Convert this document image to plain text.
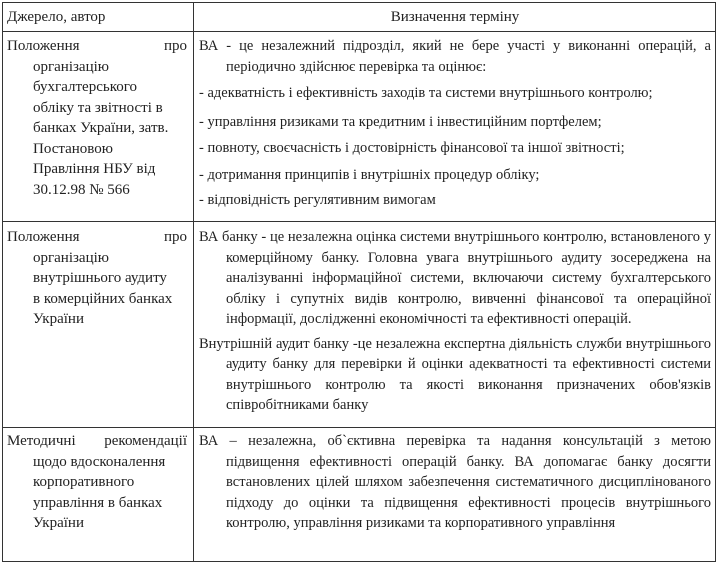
Джерело, автор	Визначення терміну
Положення про
організацію
бухгалтерського
обліку та звітності в
банках України, затв.
Постановою
Правління НБУ від
30.12.98 № 566

ВА - це незалежний підрозділ, який не бере участі у виконанні операцій, а періодично здійснює перевірка та оцінює:

- адекватність і ефективність заходів та системи внутрішнього контролю;

- управління ризиками та кредитним і інвестиційним портфелем;

- повноту, своєчасність і достовірність фінансової та іншої звітності;

- дотримання принципів і внутрішніх процедур обліку;

- відповідність регулятивним вимогам

Положення про
організацію
внутрішнього аудиту
в комерційних банках
України

ВА банку - це незалежна оцінка системи внутрішнього контролю, встановленого у комерційному банку. Головна увага внутрішнього аудиту зосереджена на аналізуванні інформаційної системи, включаючи систему бухгалтерського обліку і супутніх видів контролю, вивченні фінансової та операційної інформації, дослідженні економічності та ефективності операцій.

Внутрішній аудит банку -це незалежна експертна діяльність служби внутрішнього аудиту банку для перевірки й оцінки адекватності та ефективності системи внутрішнього контролю та якості виконання призначених обов'язків співробітниками банку

Методичні рекомендації
щодо вдосконалення
корпоративного
управління в банках
України

ВА – незалежна, об`єктивна перевірка та надання консультацій з метою підвищення ефективності операцій банку. ВА допомагає банку досягти встановлених цілей шляхом забезпечення систематичного дисциплінованого підходу до оцінки та підвищення ефективності процесів внутрішнього контролю, управління ризиками та корпоративного управління
